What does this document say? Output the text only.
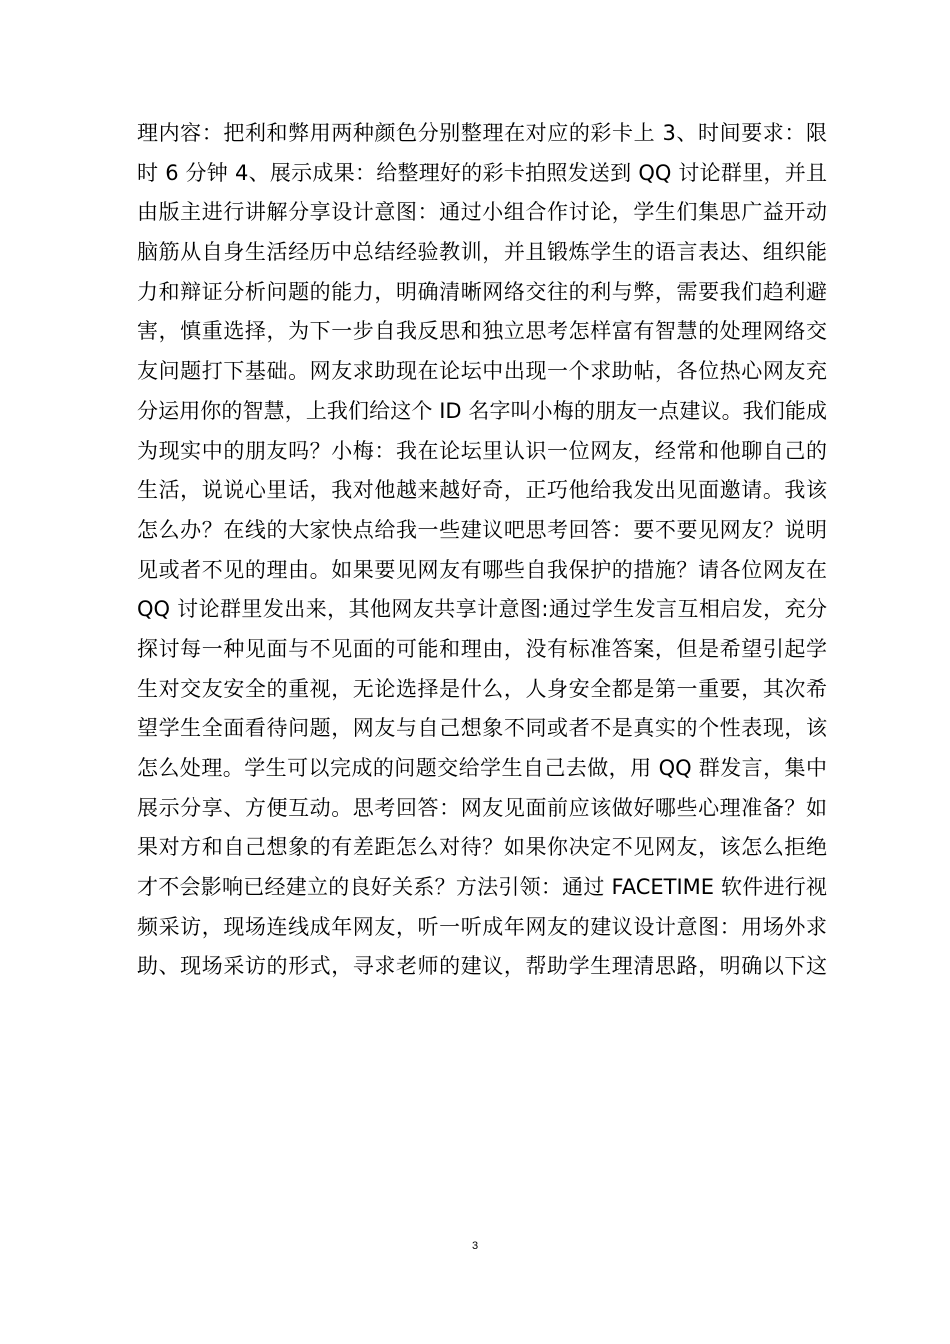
理内容：把利和弊用两种颜色分别整理在对应的彩卡上 3、时间要求：限
时 6 分钟 4、展示成果：给整理好的彩卡拍照发送到 QQ 讨论群里，并且
由版主进行讲解分享设计意图：通过小组合作讨论，学生们集思广益开动
脑筋从自身生活经历中总结经验教训，并且锻炼学生的语言表达、组织能
力和辩证分析问题的能力，明确清晰网络交往的利与弊，需要我们趋利避
害，慎重选择，为下一步自我反思和独立思考怎样富有智慧的处理网络交
友问题打下基础。网友求助现在论坛中出现一个求助帖，各位热心网友充
分运用你的智慧，上我们给这个 ID 名字叫小梅的朋友一点建议。我们能成
为现实中的朋友吗？小梅：我在论坛里认识一位网友，经常和他聊自己的
生活，说说心里话，我对他越来越好奇，正巧他给我发出见面邀请。我该
怎么办？在线的大家快点给我一些建议吧思考回答：要不要见网友？说明
见或者不见的理由。如果要见网友有哪些自我保护的措施？请各位网友在
QQ 讨论群里发出来，其他网友共享计意图:通过学生发言互相启发，充分
探讨每一种见面与不见面的可能和理由，没有标准答案，但是希望引起学
生对交友安全的重视，无论选择是什么，人身安全都是第一重要，其次希
望学生全面看待问题，网友与自己想象不同或者不是真实的个性表现，该
怎么处理。学生可以完成的问题交给学生自己去做，用 QQ 群发言，集中
展示分享、方便互动。思考回答：网友见面前应该做好哪些心理准备？如
果对方和自己想象的有差距怎么对待？如果你决定不见网友，该怎么拒绝
才不会影响已经建立的良好关系？方法引领：通过 FACETIME 软件进行视
频采访，现场连线成年网友，听一听成年网友的建议设计意图：用场外求
助、现场采访的形式，寻求老师的建议，帮助学生理清思路，明确以下这
3
